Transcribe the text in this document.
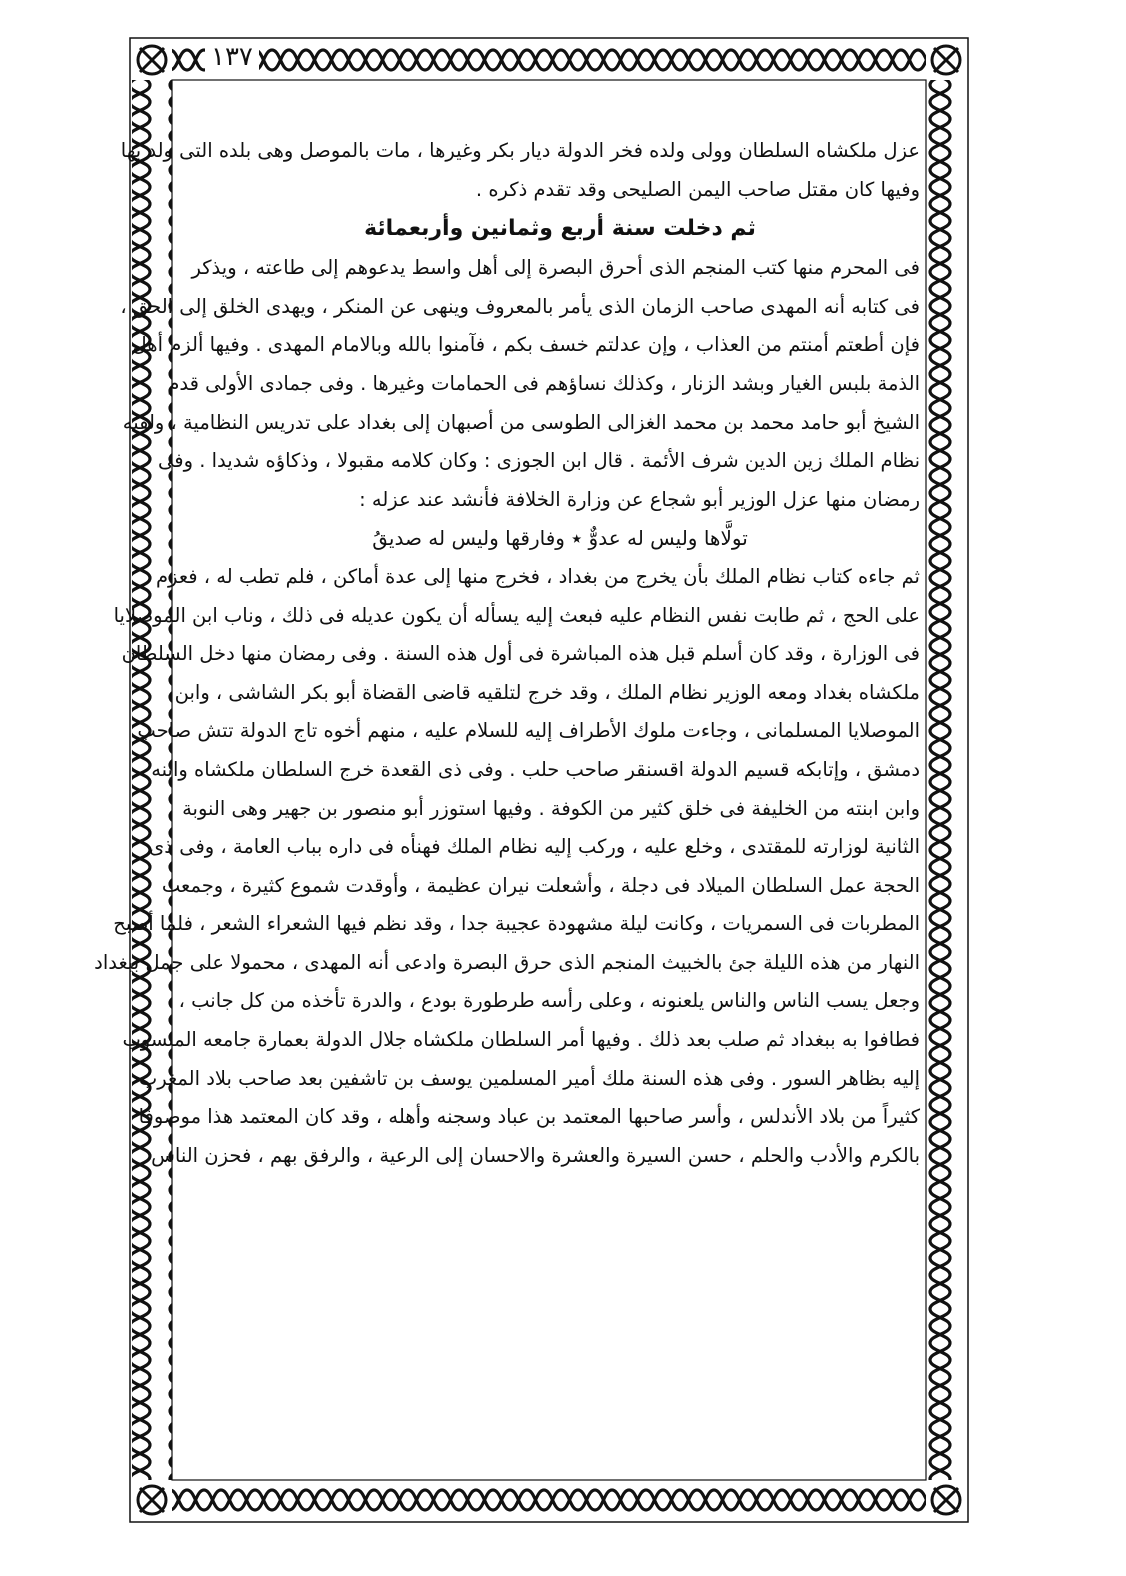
١٣٧
عزل ملكشاه السلطان وولى ولده فخر الدولة ديار بكر وغيرها ، مات بالموصل وهى بلده التى ولد بها
وفيها كان مقتل صاحب اليمن الصليحى وقد تقدم ذكره .
ثم دخلت سنة أربع وثمانين وأربعمائة
فى المحرم منها كتب المنجم الذى أحرق البصرة إلى أهل واسط يدعوهم إلى طاعته ، ويذكر
فى كتابه أنه المهدى صاحب الزمان الذى يأمر بالمعروف وينهى عن المنكر ، ويهدى الخلق إلى الحق ،
فإن أطعتم أمنتم من العذاب ، وإن عدلتم خسف بكم ، فآمنوا بالله وبالامام المهدى . وفيها ألزم أهل
الذمة بلبس الغيار وبشد الزنار ، وكذلك نساؤهم فى الحمامات وغيرها . وفى جمادى الأولى قدم
الشيخ أبو حامد محمد بن محمد الغزالى الطوسى من أصبهان إلى بغداد على تدريس النظامية ، ولقبه
نظام الملك زين الدين شرف الأئمة . قال ابن الجوزى : وكان كلامه مقبولا ، وذكاؤه شديدا . وفى
رمضان منها عزل الوزير أبو شجاع عن وزارة الخلافة فأنشد عند عزله :
تولَّاها وليس له عدوٌّ ٭ وفارقها وليس له صديقُ
ثم جاءه كتاب نظام الملك بأن يخرج من بغداد ، فخرج منها إلى عدة أماكن ، فلم تطب له ، فعزم
على الحج ، ثم طابت نفس النظام عليه فبعث إليه يسأله أن يكون عديله فى ذلك ، وناب ابن الموصلايا
فى الوزارة ، وقد كان أسلم قبل هذه المباشرة فى أول هذه السنة . وفى رمضان منها دخل السلطان
ملكشاه بغداد ومعه الوزير نظام الملك ، وقد خرج لتلقيه قاضى القضاة أبو بكر الشاشى ، وابن
الموصلايا المسلمانى ، وجاءت ملوك الأطراف إليه للسلام عليه ، منهم أخوه تاج الدولة تتش صاحب
دمشق ، وإتابكه قسيم الدولة اقسنقر صاحب حلب . وفى ذى القعدة خرج السلطان ملكشاه وابنه
وابن ابنته من الخليفة فى خلق كثير من الكوفة . وفيها استوزر أبو منصور بن جهير وهى النوبة
الثانية لوزارته للمقتدى ، وخلع عليه ، وركب إليه نظام الملك فهنأه فى داره بباب العامة ، وفى ذى
الحجة عمل السلطان الميلاد فى دجلة ، وأشعلت نيران عظيمة ، وأوقدت شموع كثيرة ، وجمعت
المطربات فى السمريات ، وكانت ليلة مشهودة عجيبة جدا ، وقد نظم فيها الشعراء الشعر ، فلما أصبح
النهار من هذه الليلة جئ بالخبيث المنجم الذى حرق البصرة وادعى أنه المهدى ، محمولا على جمل ببغداد
وجعل يسب الناس والناس يلعنونه ، وعلى رأسه طرطورة بودع ، والدرة تأخذه من كل جانب ،
فطافوا به ببغداد ثم صلب بعد ذلك . وفيها أمر السلطان ملكشاه جلال الدولة بعمارة جامعه المنسوب
إليه بظاهر السور . وفى هذه السنة ملك أمير المسلمين يوسف بن تاشفين بعد صاحب بلاد المغرب
كثيراً من بلاد الأندلس ، وأسر صاحبها المعتمد بن عباد وسجنه وأهله ، وقد كان المعتمد هذا موصوفا
بالكرم والأدب والحلم ، حسن السيرة والعشرة والاحسان إلى الرعية ، والرفق بهم ، فحزن الناس
